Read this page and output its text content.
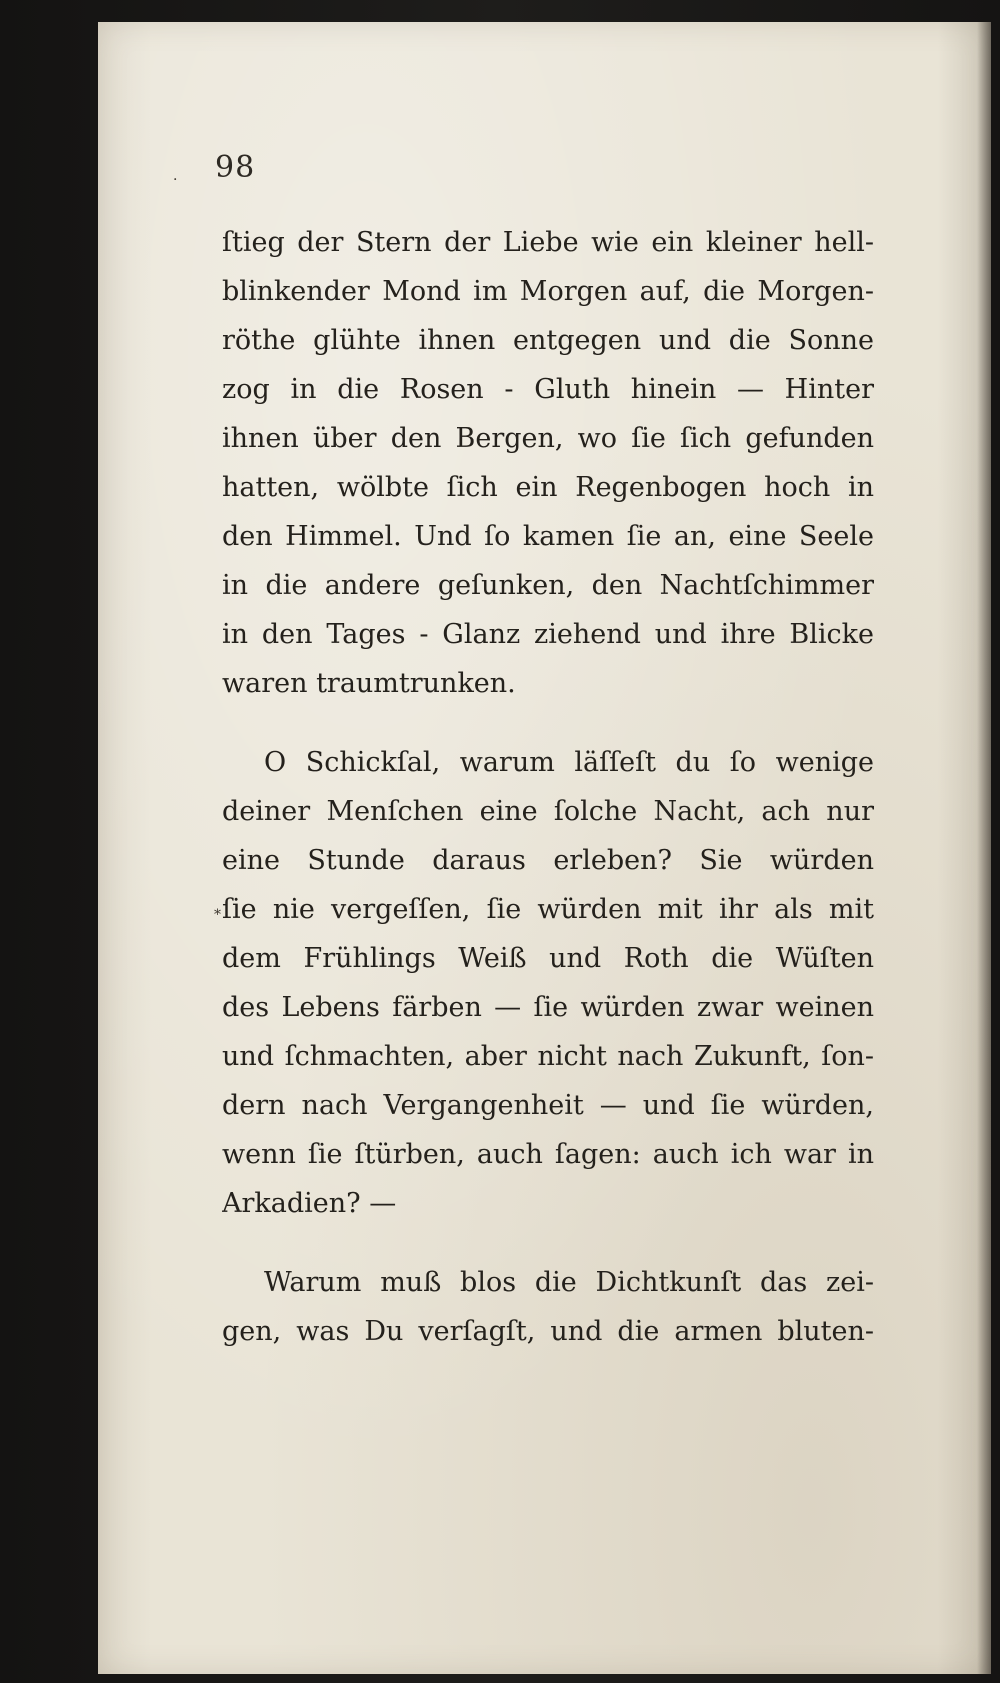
·
*
98
ſtieg der Stern der Liebe wie ein kleiner hell-
blinkender Mond im Morgen auf, die Morgen-
röthe glühte ihnen entgegen und die Sonne
zog in die Rosen - Gluth hinein — Hinter
ihnen über den Bergen, wo ſie ſich gefunden
hatten, wölbte ſich ein Regenbogen hoch in
den Himmel. Und ſo kamen ſie an, eine Seele
in die andere geſunken, den Nachtſchimmer
in den Tages - Glanz ziehend und ihre Blicke
waren traumtrunken.
O Schickſal, warum läſſeſt du ſo wenige
deiner Menſchen eine ſolche Nacht, ach nur
eine Stunde daraus erleben? Sie würden
ſie nie vergeſſen, ſie würden mit ihr als mit
dem Frühlings Weiß und Roth die Wüſten
des Lebens färben — ſie würden zwar weinen
und ſchmachten, aber nicht nach Zukunft, ſon-
dern nach Vergangenheit — und ſie würden,
wenn ſie ſtürben, auch ſagen: auch ich war in
Arkadien? —
Warum muß blos die Dichtkunſt das zei-
gen, was Du verſagſt, und die armen bluten-
